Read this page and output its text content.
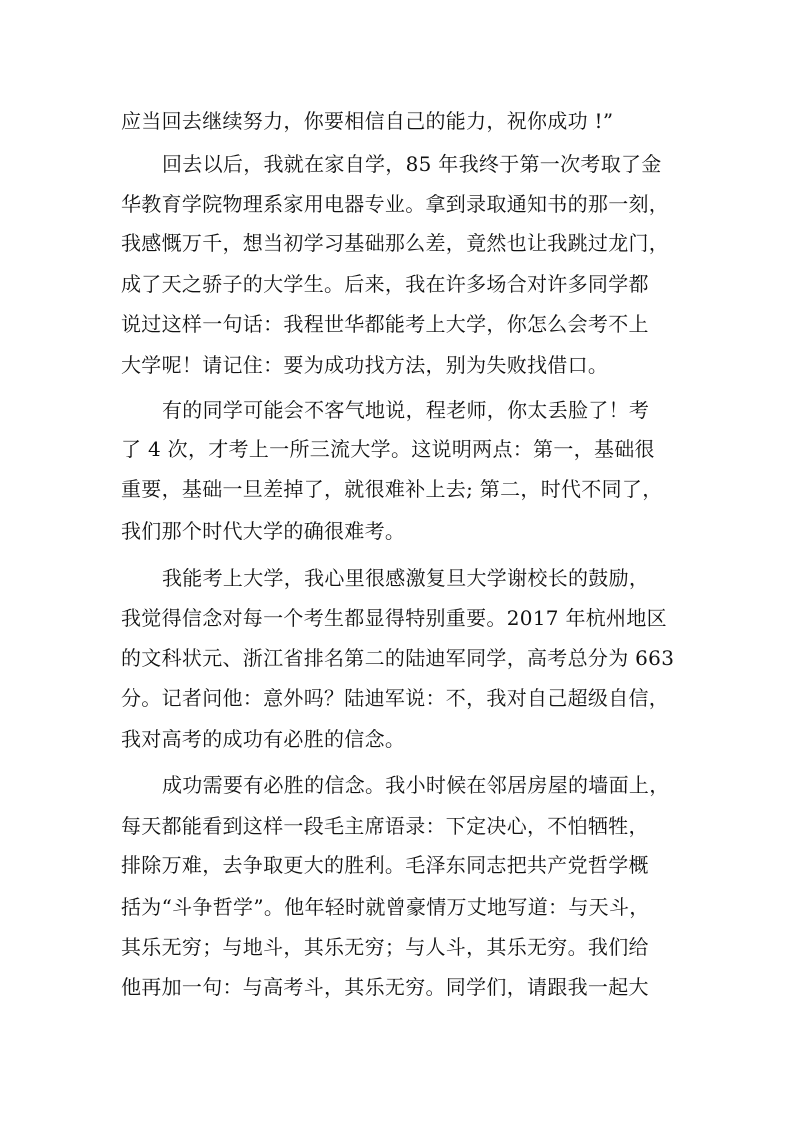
应当回去继续努力，你要相信自己的能力，祝你成功 !”
回去以后，我就在家自学，85 年我终于第一次考取了金
华教育学院物理系家用电器专业。拿到录取通知书的那一刻，
我感慨万千，想当初学习基础那么差，竟然也让我跳过龙门，
成了天之骄子的大学生。后来，我在许多场合对许多同学都
说过这样一句话：我程世华都能考上大学，你怎么会考不上
大学呢！请记住：要为成功找方法，别为失败找借口。
有的同学可能会不客气地说，程老师，你太丢脸了！考
了 4 次，才考上一所三流大学。这说明两点：第一，基础很
重要，基础一旦差掉了，就很难补上去; 第二，时代不同了，
我们那个时代大学的确很难考。
我能考上大学，我心里很感激复旦大学谢校长的鼓励，
我觉得信念对每一个考生都显得特别重要。2017 年杭州地区
的文科状元、浙江省排名第二的陆迪军同学，高考总分为 663
分。记者问他：意外吗？陆迪军说：不，我对自己超级自信，
我对高考的成功有必胜的信念。
成功需要有必胜的信念。我小时候在邻居房屋的墙面上，
每天都能看到这样一段毛主席语录：下定决心，不怕牺牲，
排除万难，去争取更大的胜利。毛泽东同志把共产党哲学概
括为“斗争哲学”。他年轻时就曾豪情万丈地写道：与天斗，
其乐无穷；与地斗，其乐无穷；与人斗，其乐无穷。我们给
他再加一句：与高考斗，其乐无穷。同学们，请跟我一起大
